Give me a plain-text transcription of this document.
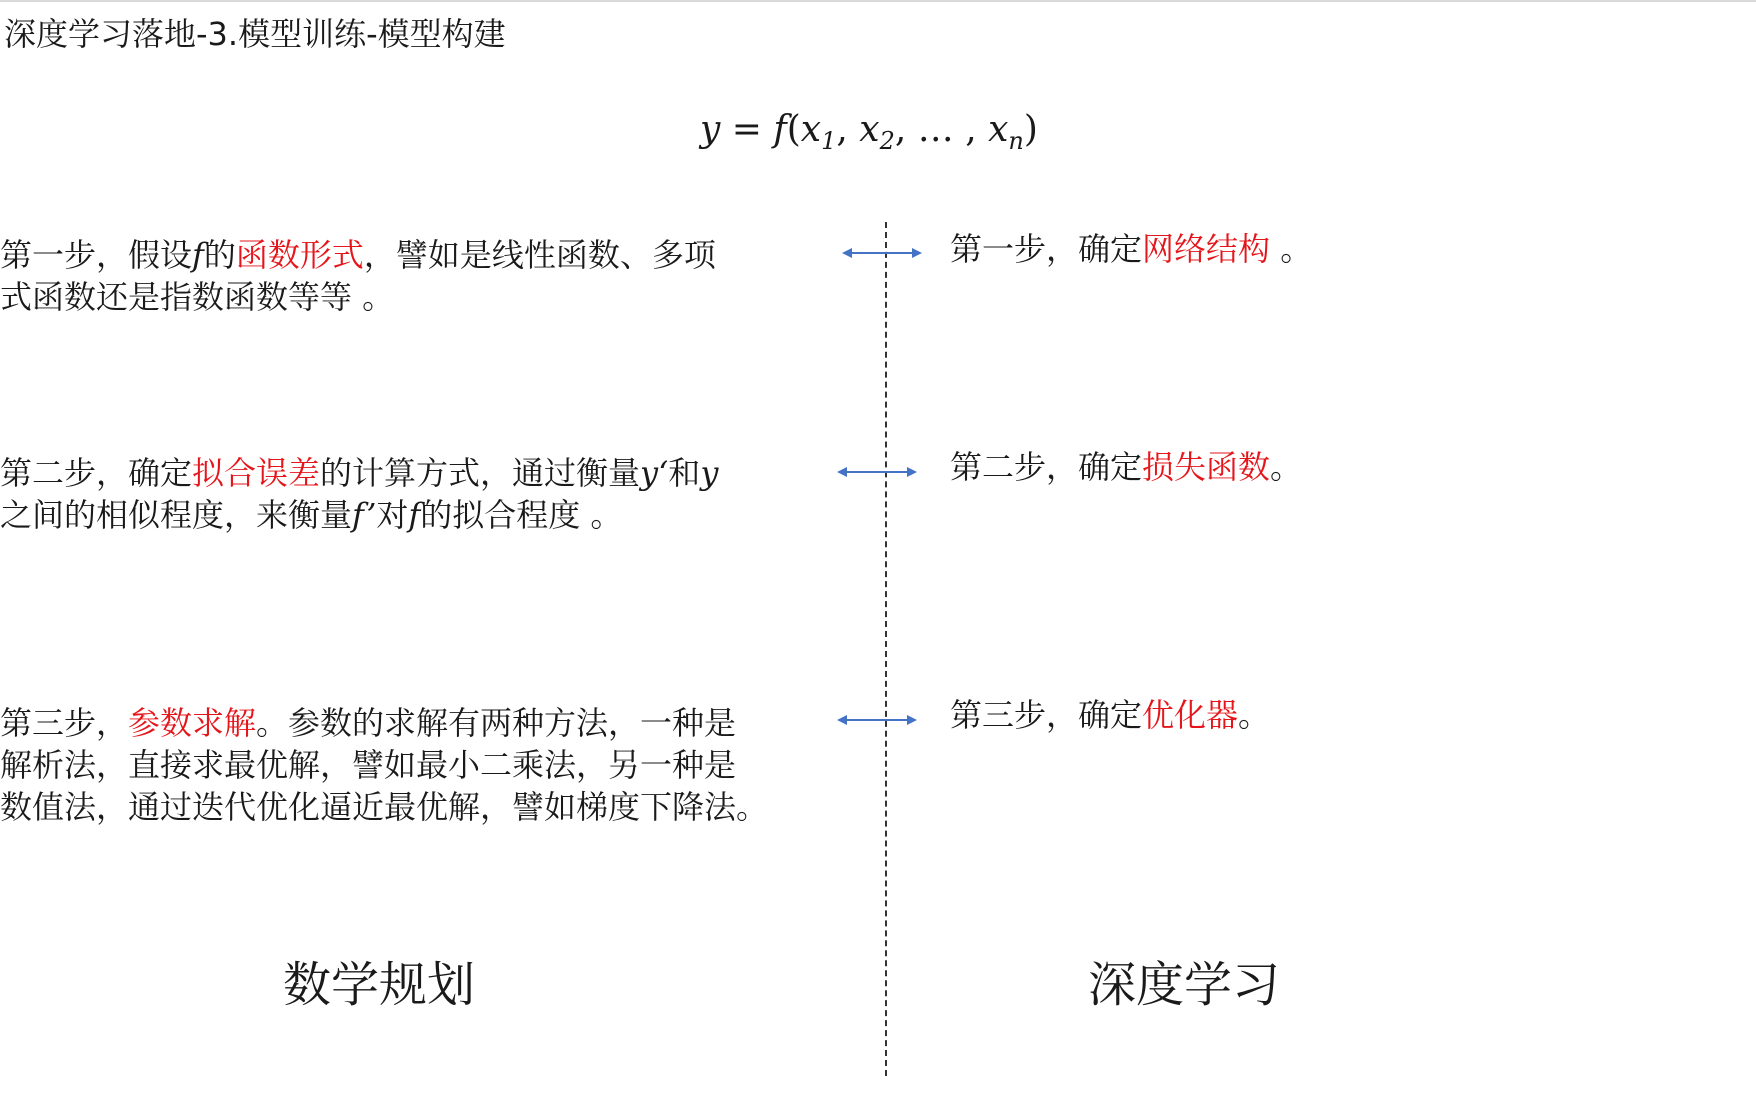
深度学习落地-3.模型训练-模型构建
$y = f(x_1$, $x_2$, … , $x_n$)
第一步，假设f的函数形式，譬如是线性函数、多项
式函数还是指数函数等等 。
第二步，确定拟合误差的计算方式，通过衡量y‘和y
之间的相似程度，来衡量f’对f的拟合程度 。
第三步，参数求解。参数的求解有两种方法，一种是
解析法，直接求最优解，譬如最小二乘法，另一种是
数值法，通过迭代优化逼近最优解，譬如梯度下降法。
第一步，确定网络结构 。
第二步，确定损失函数。
第三步，确定优化器。
数学规划	深度学习
